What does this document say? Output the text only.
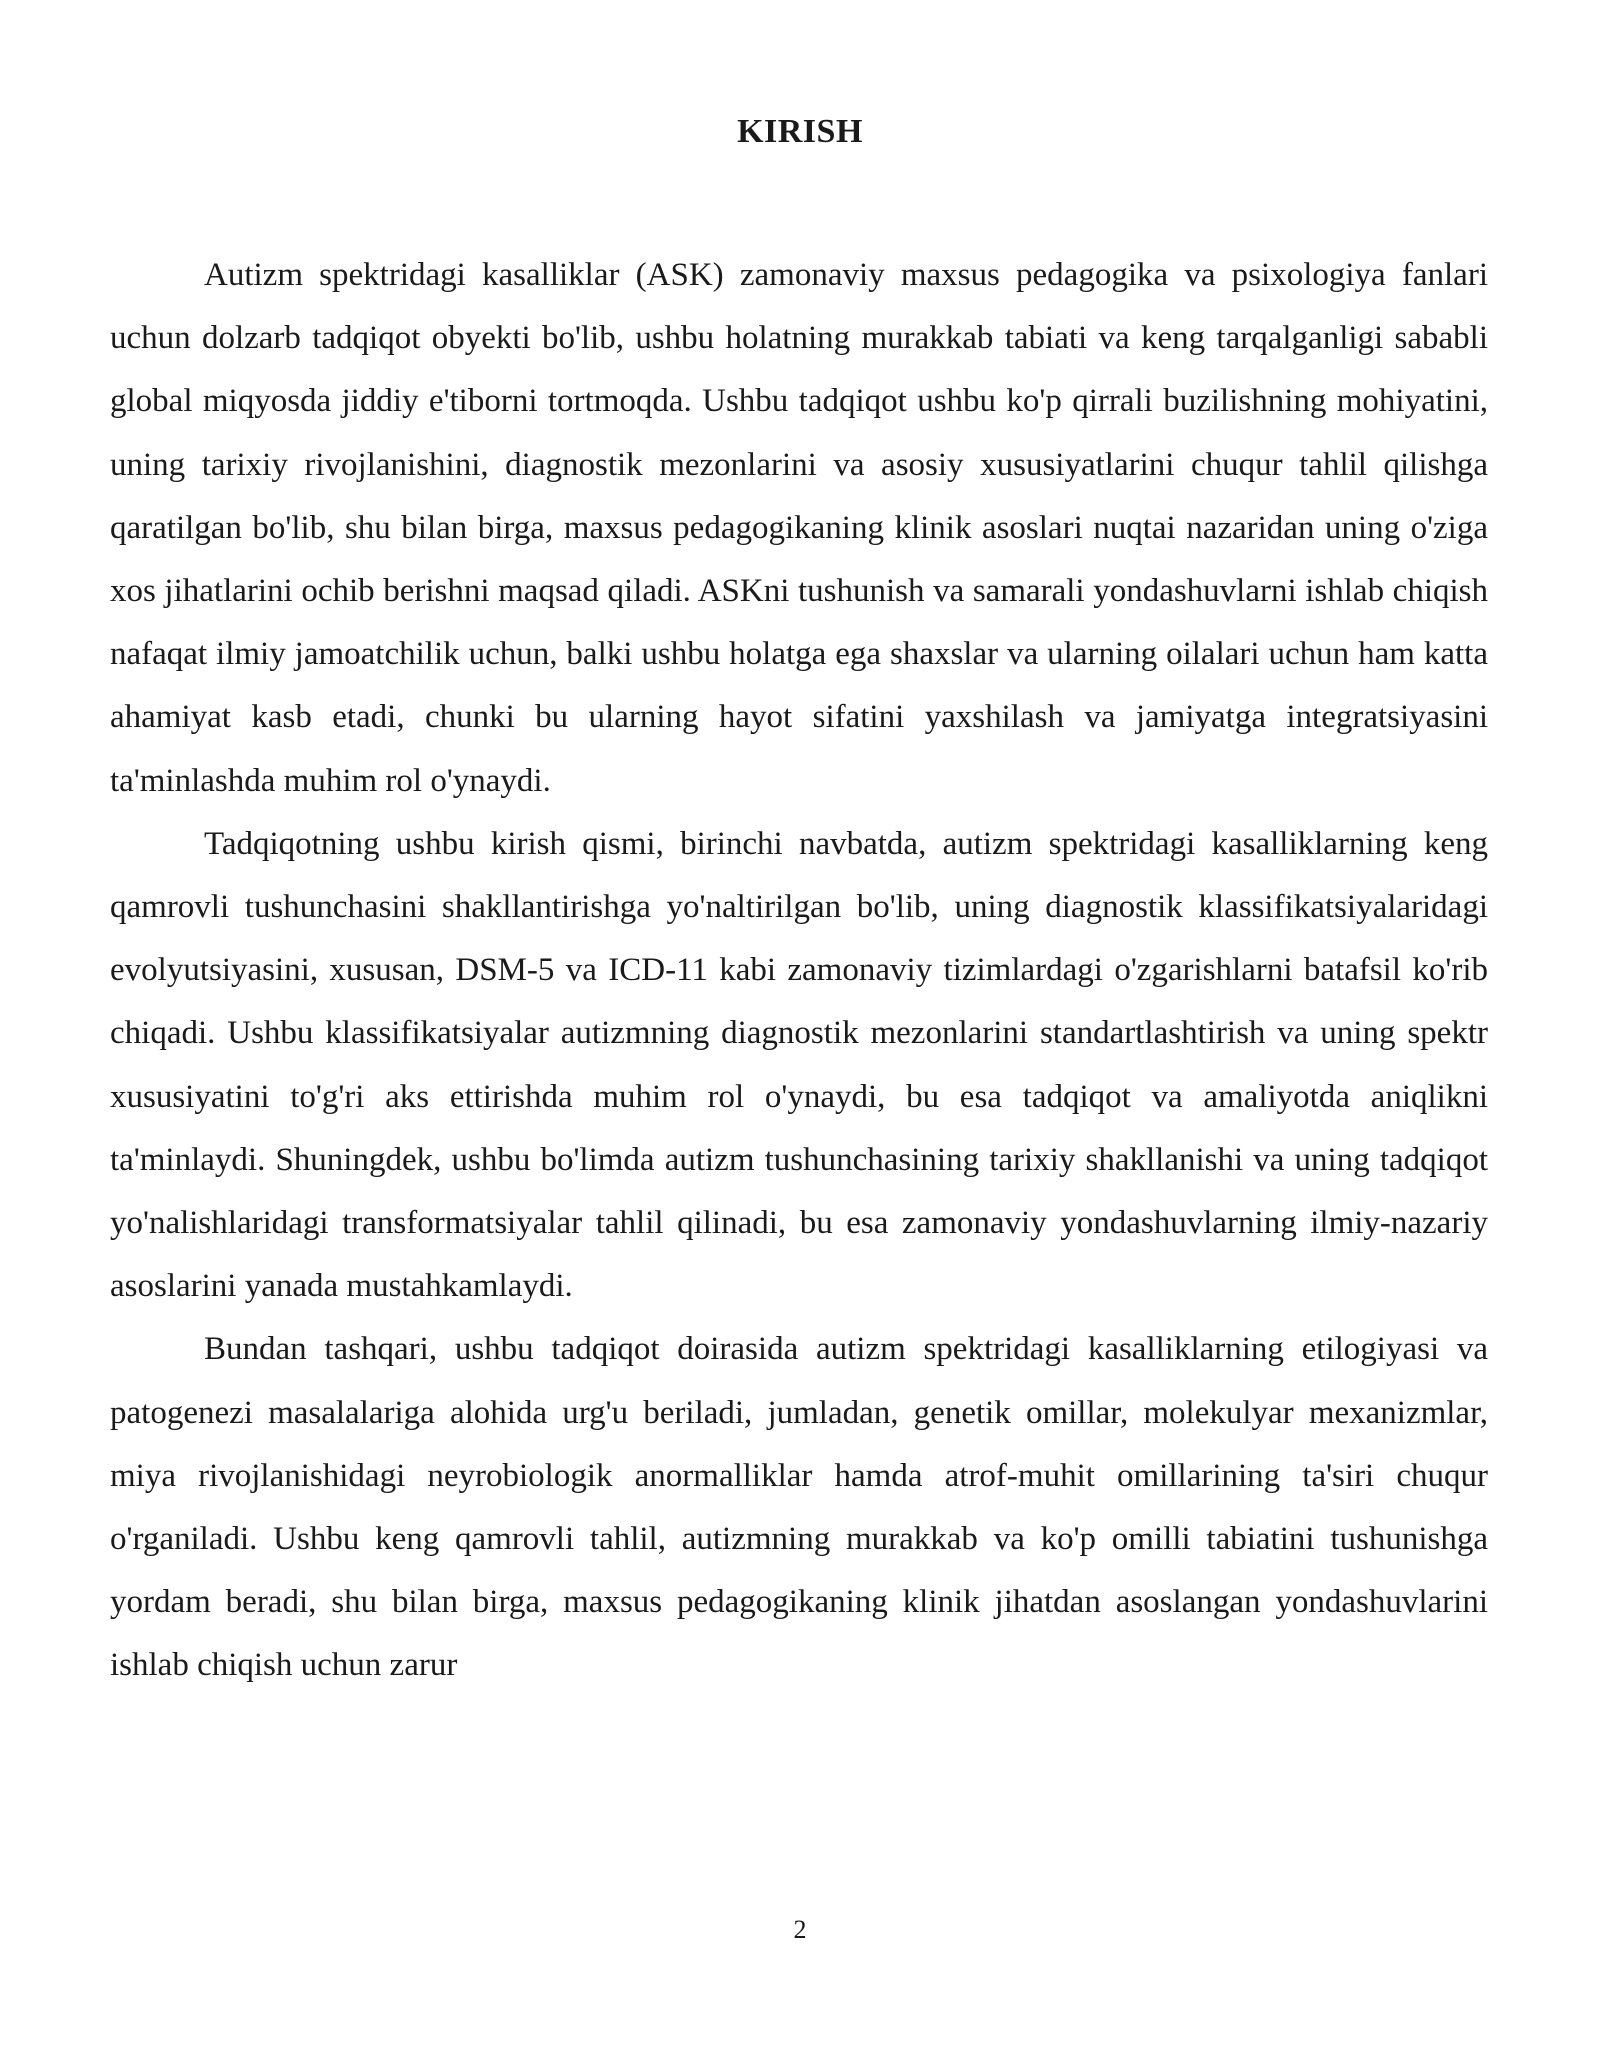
KIRISH

Autizm spektridagi kasalliklar (ASK) zamonaviy maxsus pedagogika va psixologiya fanlari uchun dolzarb tadqiqot obyekti bo'lib, ushbu holatning murakkab tabiati va keng tarqalganligi sababli global miqyosda jiddiy e'tiborni tortmoqda. Ushbu tadqiqot ushbu ko'p qirrali buzilishning mohiyatini, uning tarixiy rivojlanishini, diagnostik mezonlarini va asosiy xususiyatlarini chuqur tahlil qilishga qaratilgan bo'lib, shu bilan birga, maxsus pedagogikaning klinik asoslari nuqtai nazaridan uning o'ziga xos jihatlarini ochib berishni maqsad qiladi. ASKni tushunish va samarali yondashuvlarni ishlab chiqish nafaqat ilmiy jamoatchilik uchun, balki ushbu holatga ega shaxslar va ularning oilalari uchun ham katta ahamiyat kasb etadi, chunki bu ularning hayot sifatini yaxshilash va jamiyatga integratsiyasini ta'minlashda muhim rol o'ynaydi.

Tadqiqotning ushbu kirish qismi, birinchi navbatda, autizm spektridagi kasalliklarning keng qamrovli tushunchasini shakllantirishga yo'naltirilgan bo'lib, uning diagnostik klassifikatsiyalaridagi evolyutsiyasini, xususan, DSM-5 va ICD-11 kabi zamonaviy tizimlardagi o'zgarishlarni batafsil ko'rib chiqadi. Ushbu klassifikatsiyalar autizmning diagnostik mezonlarini standartlashtirish va uning spektr xususiyatini to'g'ri aks ettirishda muhim rol o'ynaydi, bu esa tadqiqot va amaliyotda aniqlikni ta'minlaydi. Shuningdek, ushbu bo'limda autizm tushunchasining tarixiy shakllanishi va uning tadqiqot yo'nalishlaridagi transformatsiyalar tahlil qilinadi, bu esa zamonaviy yondashuvlarning ilmiy-nazariy asoslarini yanada mustahkamlaydi.

Bundan tashqari, ushbu tadqiqot doirasida autizm spektridagi kasalliklarning etilogiyasi va patogenezi masalalariga alohida urg'u beriladi, jumladan, genetik omillar, molekulyar mexanizmlar, miya rivojlanishidagi neyrobiologik anormalliklar hamda atrof-muhit omillarining ta'siri chuqur o'rganiladi. Ushbu keng qamrovli tahlil, autizmning murakkab va ko'p omilli tabiatini tushunishga yordam beradi, shu bilan birga, maxsus pedagogikaning klinik jihatdan asoslangan yondashuvlarini ishlab chiqish uchun zarur

2
